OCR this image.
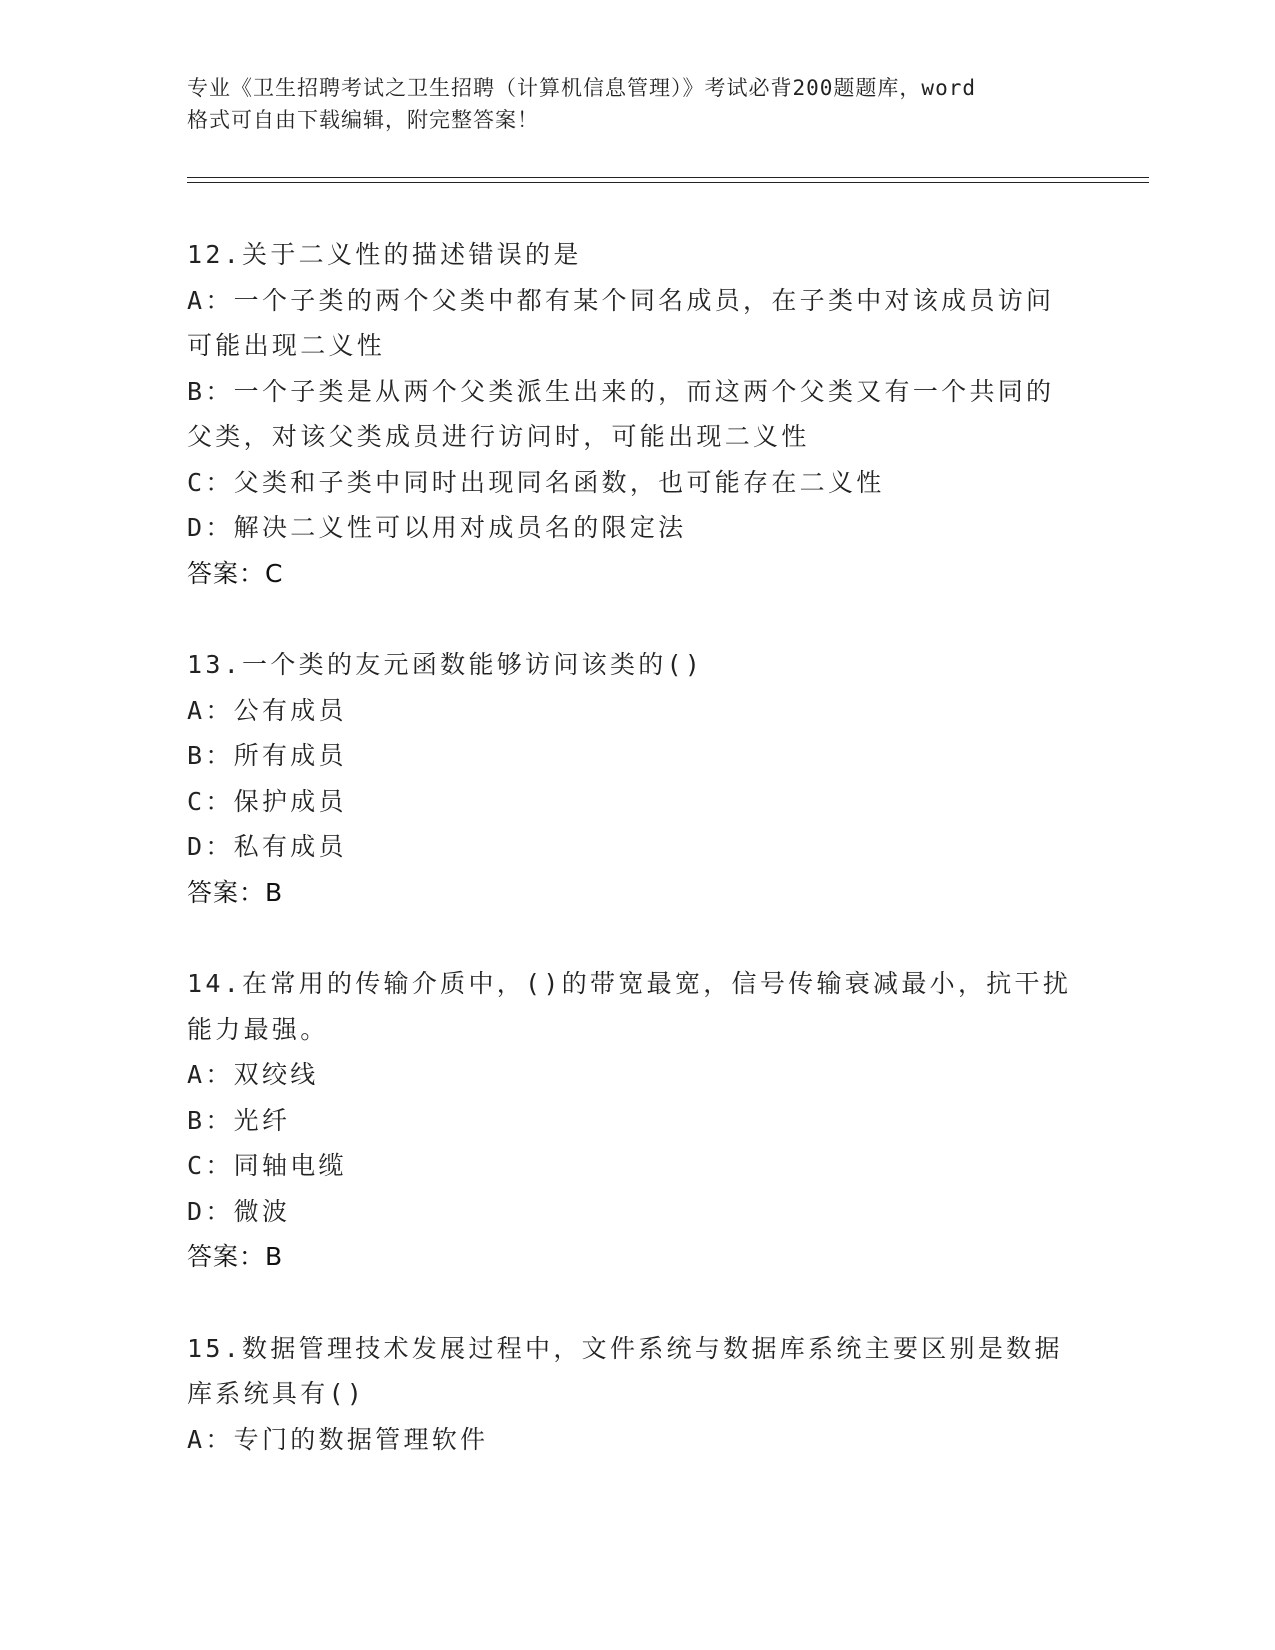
专业《卫生招聘考试之卫生招聘（计算机信息管理）》考试必背200题题库，word
格式可自由下载编辑，附完整答案！
12.关于二义性的描述错误的是
A：一个子类的两个父类中都有某个同名成员，在子类中对该成员访问
可能出现二义性
B：一个子类是从两个父类派生出来的，而这两个父类又有一个共同的
父类，对该父类成员进行访问时，可能出现二义性
C：父类和子类中同时出现同名函数，也可能存在二义性
D：解决二义性可以用对成员名的限定法
答案：C
13.一个类的友元函数能够访问该类的()
A：公有成员
B：所有成员
C：保护成员
D：私有成员
答案：B
14.在常用的传输介质中，()的带宽最宽，信号传输衰减最小，抗干扰
能力最强。
A：双绞线
B：光纤
C：同轴电缆
D：微波
答案：B
15.数据管理技术发展过程中，文件系统与数据库系统主要区别是数据
库系统具有()
A：专门的数据管理软件
